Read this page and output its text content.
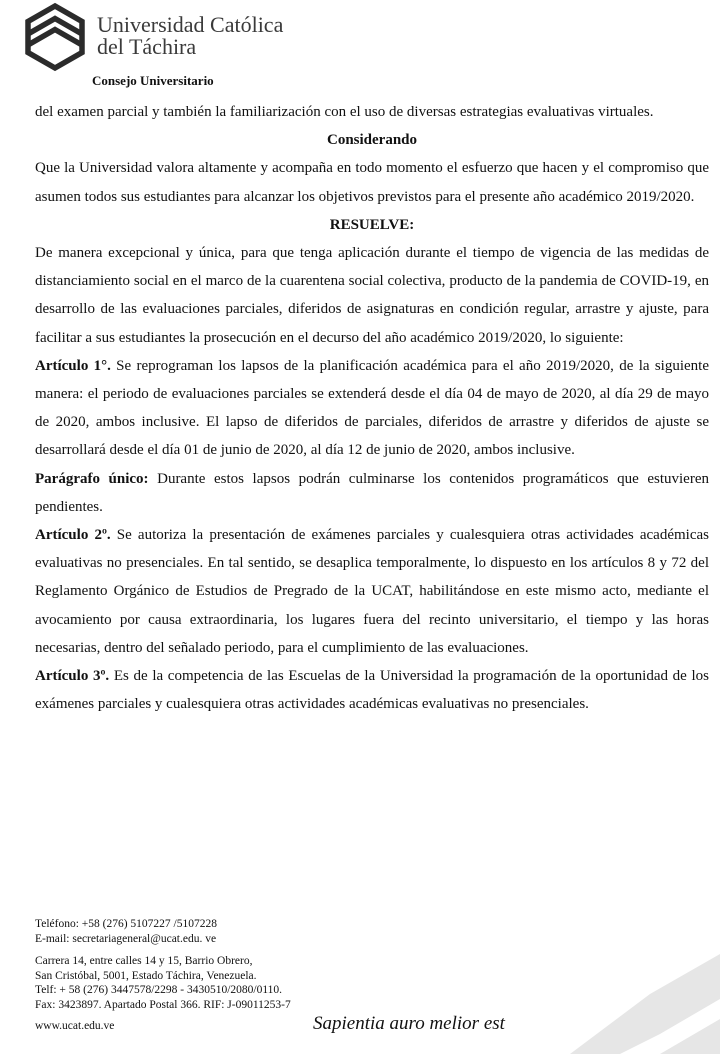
Universidad Católica
del Táchira
Consejo Universitario

del examen parcial y también la familiarización con el uso de diversas estrategias evaluativas virtuales.

Considerando

Que la Universidad valora altamente y acompaña en todo momento el esfuerzo que hacen y el compromiso que asumen todos sus estudiantes para alcanzar los objetivos previstos para el presente año académico 2019/2020.

RESUELVE:

De manera excepcional y única, para que tenga aplicación durante el tiempo de vigencia de las medidas de distanciamiento social en el marco de la cuarentena social colectiva, producto de la pandemia de COVID-19, en desarrollo de las evaluaciones parciales, diferidos de asignaturas en condición regular, arrastre y ajuste, para facilitar a sus estudiantes la prosecución en el decurso del año académico 2019/2020, lo siguiente:

Artículo 1°. Se reprograman los lapsos de la planificación académica para el año 2019/2020, de la siguiente manera: el periodo de evaluaciones parciales se extenderá desde el día 04 de mayo de 2020, al día 29 de mayo de 2020, ambos inclusive. El lapso de diferidos de parciales, diferidos de arrastre y diferidos de ajuste se desarrollará desde el día 01 de junio de 2020, al día 12 de junio de 2020, ambos inclusive.

Parágrafo único: Durante estos lapsos podrán culminarse los contenidos programáticos que estuvieren pendientes.

Artículo 2º. Se autoriza la presentación de exámenes parciales y cualesquiera otras actividades académicas evaluativas no presenciales. En tal sentido, se desaplica temporalmente, lo dispuesto en los artículos 8 y 72 del Reglamento Orgánico de Estudios de Pregrado de la UCAT, habilitándose en este mismo acto, mediante el avocamiento por causa extraordinaria, los lugares fuera del recinto universitario, el tiempo y las horas necesarias, dentro del señalado periodo, para el cumplimiento de las evaluaciones.

Artículo 3º. Es de la competencia de las Escuelas de la Universidad la programación de la oportunidad de los exámenes parciales y cualesquiera otras actividades académicas evaluativas no presenciales.

Teléfono: +58 (276) 5107227 /5107228
E-mail: secretariageneral@ucat.edu. ve
Carrera 14, entre calles 14 y 15, Barrio Obrero,
San Cristóbal, 5001, Estado Táchira, Venezuela.
Telf: + 58 (276) 3447578/2298 - 3430510/2080/0110.
Fax: 3423897. Apartado Postal 366. RIF: J-09011253-7
www.ucat.edu.ve	Sapientia auro melior est
